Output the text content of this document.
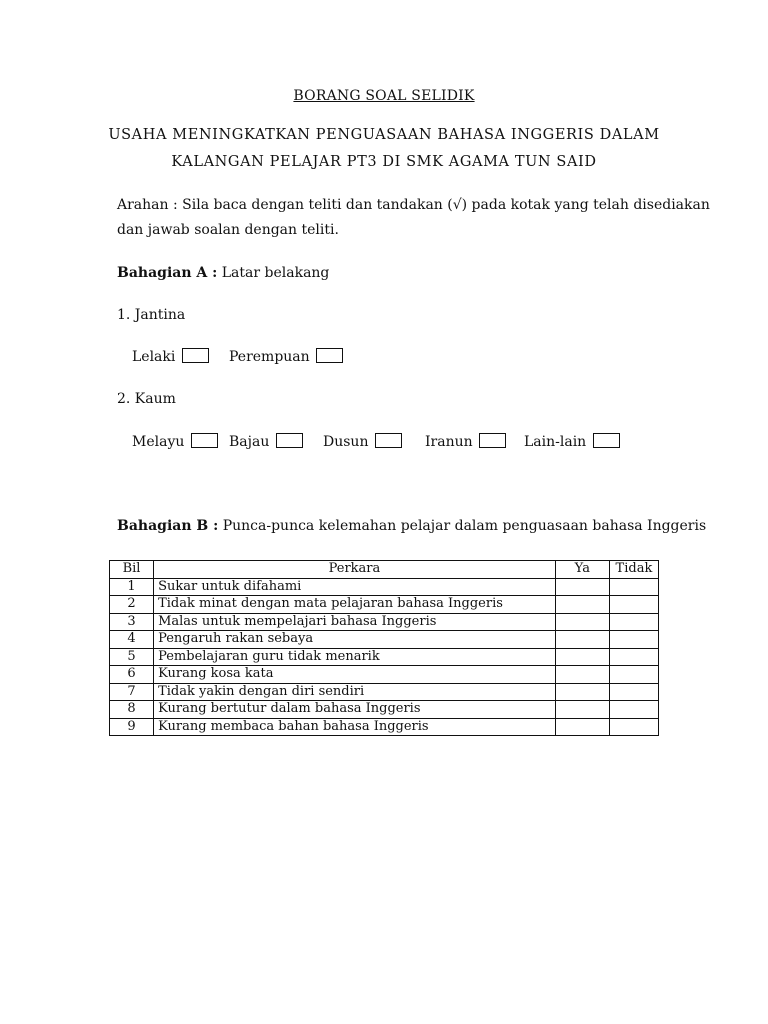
BORANG SOAL SELIDIK
USAHA MENINGKATKAN PENGUASAAN BAHASA INGGERIS DALAM
KALANGAN PELAJAR PT3 DI SMK AGAMA TUN SAID
Arahan : Sila baca dengan teliti dan tandakan (√) pada kotak yang telah disediakan
dan jawab soalan dengan teliti.
Bahagian A : Latar belakang
1. Jantina
Lelaki	Perempuan
2. Kaum
Melayu	Bajau	Dusun	Iranun	Lain-lain
Bahagian B : Punca-punca kelemahan pelajar dalam penguasaan bahasa Inggeris
Bil	Perkara	Ya	Tidak
1	Sukar untuk difahami		
2	Tidak minat dengan mata pelajaran bahasa Inggeris		
3	Malas untuk mempelajari bahasa Inggeris		
4	Pengaruh rakan sebaya		
5	Pembelajaran guru tidak menarik		
6	Kurang kosa kata		
7	Tidak yakin dengan diri sendiri		
8	Kurang bertutur dalam bahasa Inggeris		
9	Kurang membaca bahan bahasa Inggeris		
